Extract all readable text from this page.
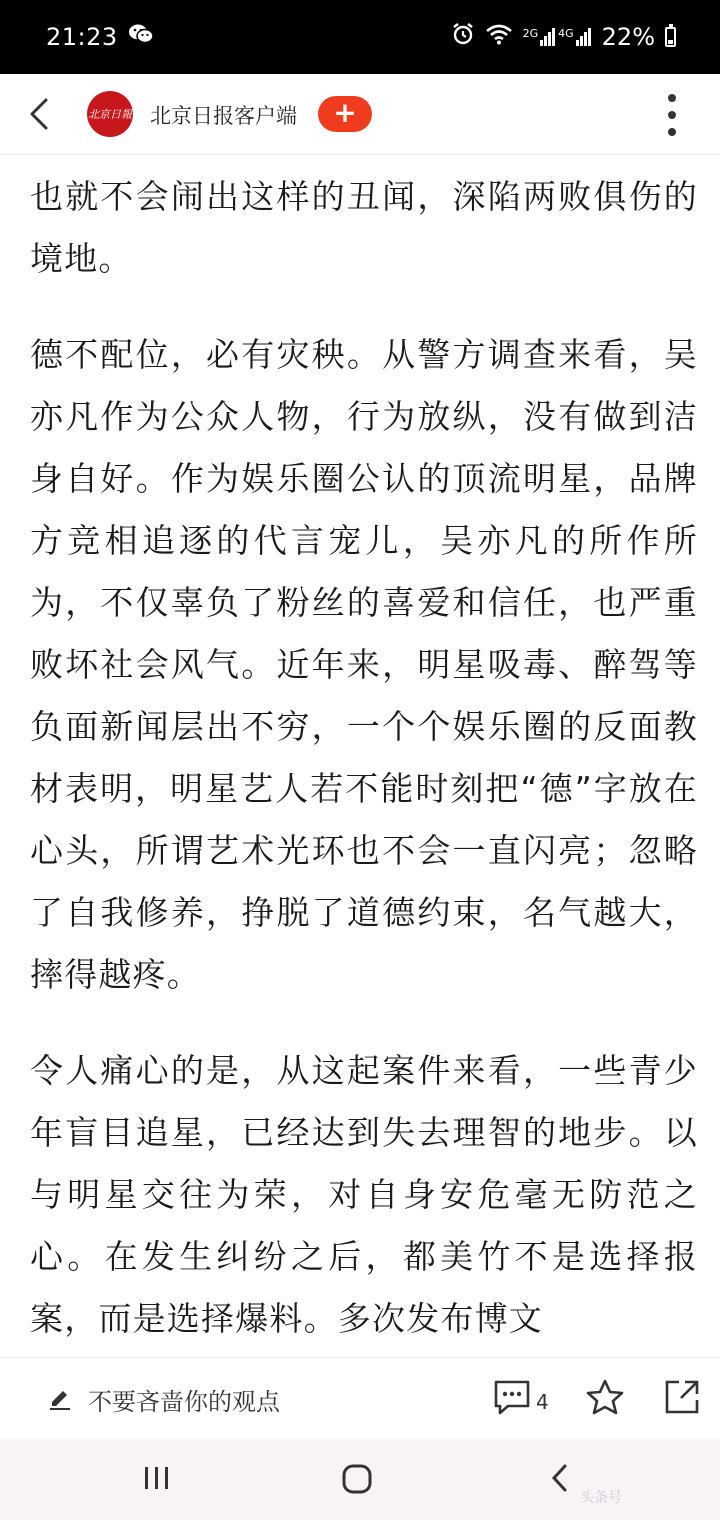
21:23	2G 4G 22%
北京日報 北京日报客户端	+

也就不会闹出这样的丑闻，深陷两败俱伤的境地。

德不配位，必有灾秧。从警方调查来看，吴亦凡作为公众人物，行为放纵，没有做到洁身自好。作为娱乐圈公认的顶流明星，品牌方竞相追逐的代言宠儿，吴亦凡的所作所为，不仅辜负了粉丝的喜爱和信任，也严重败坏社会风气。近年来，明星吸毒、醉驾等负面新闻层出不穷，一个个娱乐圈的反面教材表明，明星艺人若不能时刻把“德”字放在心头，所谓艺术光环也不会一直闪亮；忽略了自我修养，挣脱了道德约束，名气越大，摔得越疼。

令人痛心的是，从这起案件来看，一些青少年盲目追星，已经达到失去理智的地步。以与明星交往为荣，对自身安危毫无防范之心。在发生纠纷之后，都美竹不是选择报案，而是选择爆料。多次发布博文

不要吝啬你的观点	4
头条号
